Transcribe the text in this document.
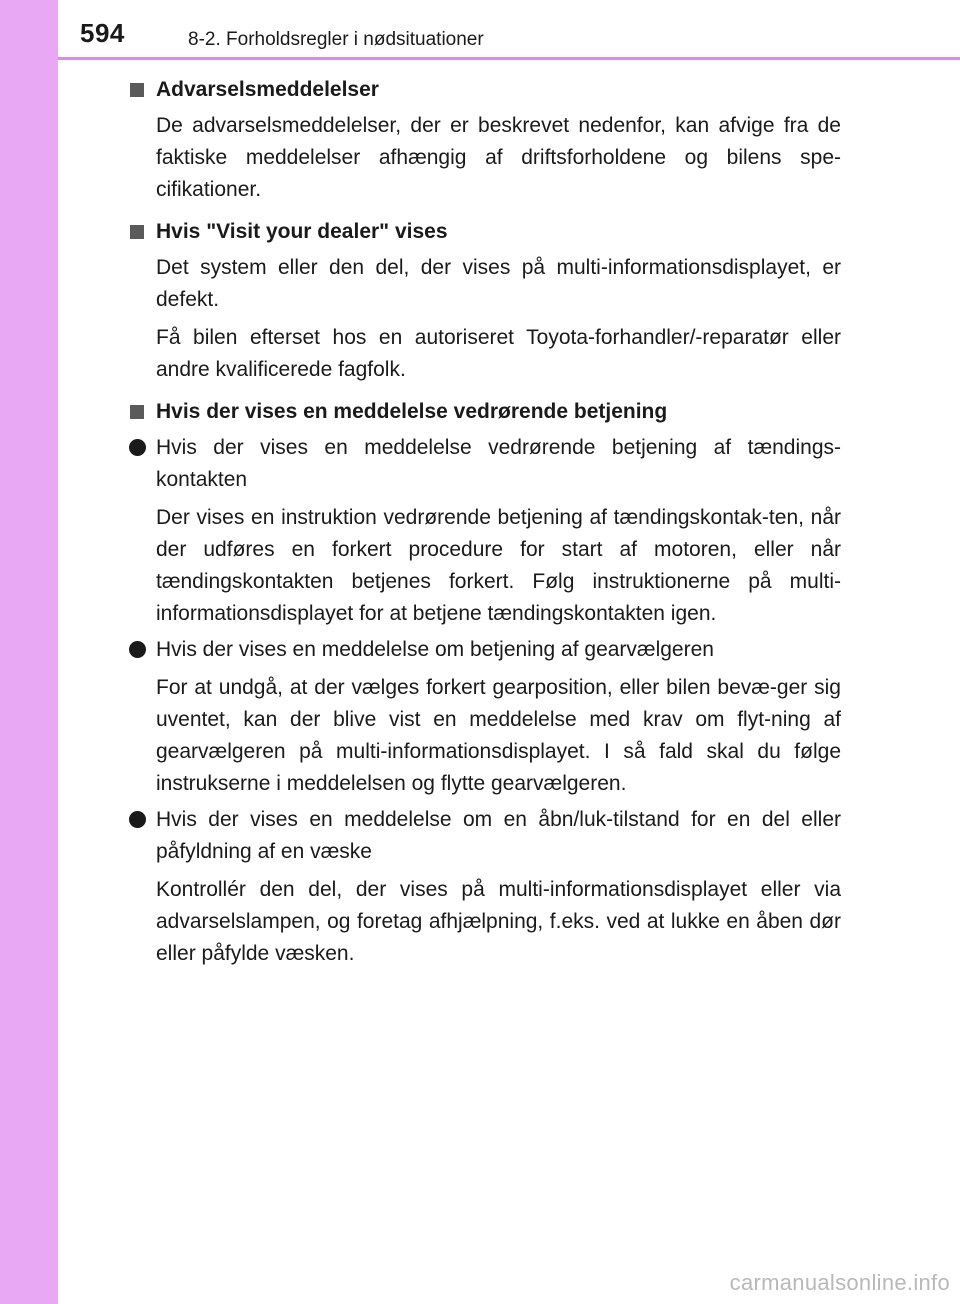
594	8-2. Forholdsregler i nødsituationer
Advarselsmeddelelser
De advarselsmeddelelser, der er beskrevet nedenfor, kan afvige fra de faktiske meddelelser afhængig af driftsforholdene og bilens spe-cifikationer.
Hvis "Visit your dealer" vises
Det system eller den del, der vises på multi-informationsdisplayet, er defekt.
Få bilen efterset hos en autoriseret Toyota-forhandler/-reparatør eller andre kvalificerede fagfolk.
Hvis der vises en meddelelse vedrørende betjening
Hvis der vises en meddelelse vedrørende betjening af tændings-kontakten
Der vises en instruktion vedrørende betjening af tændingskontak-ten, når der udføres en forkert procedure for start af motoren, eller når tændingskontakten betjenes forkert. Følg instruktionerne på multi-informationsdisplayet for at betjene tændingskontakten igen.
Hvis der vises en meddelelse om betjening af gearvælgeren
For at undgå, at der vælges forkert gearposition, eller bilen bevæ-ger sig uventet, kan der blive vist en meddelelse med krav om flyt-ning af gearvælgeren på multi-informationsdisplayet. I så fald skal du følge instrukserne i meddelelsen og flytte gearvælgeren.
Hvis der vises en meddelelse om en åbn/luk-tilstand for en del eller påfyldning af en væske
Kontrollér den del, der vises på multi-informationsdisplayet eller via advarselslampen, og foretag afhjælpning, f.eks. ved at lukke en åben dør eller påfylde væsken.
carmanualsonline.info
